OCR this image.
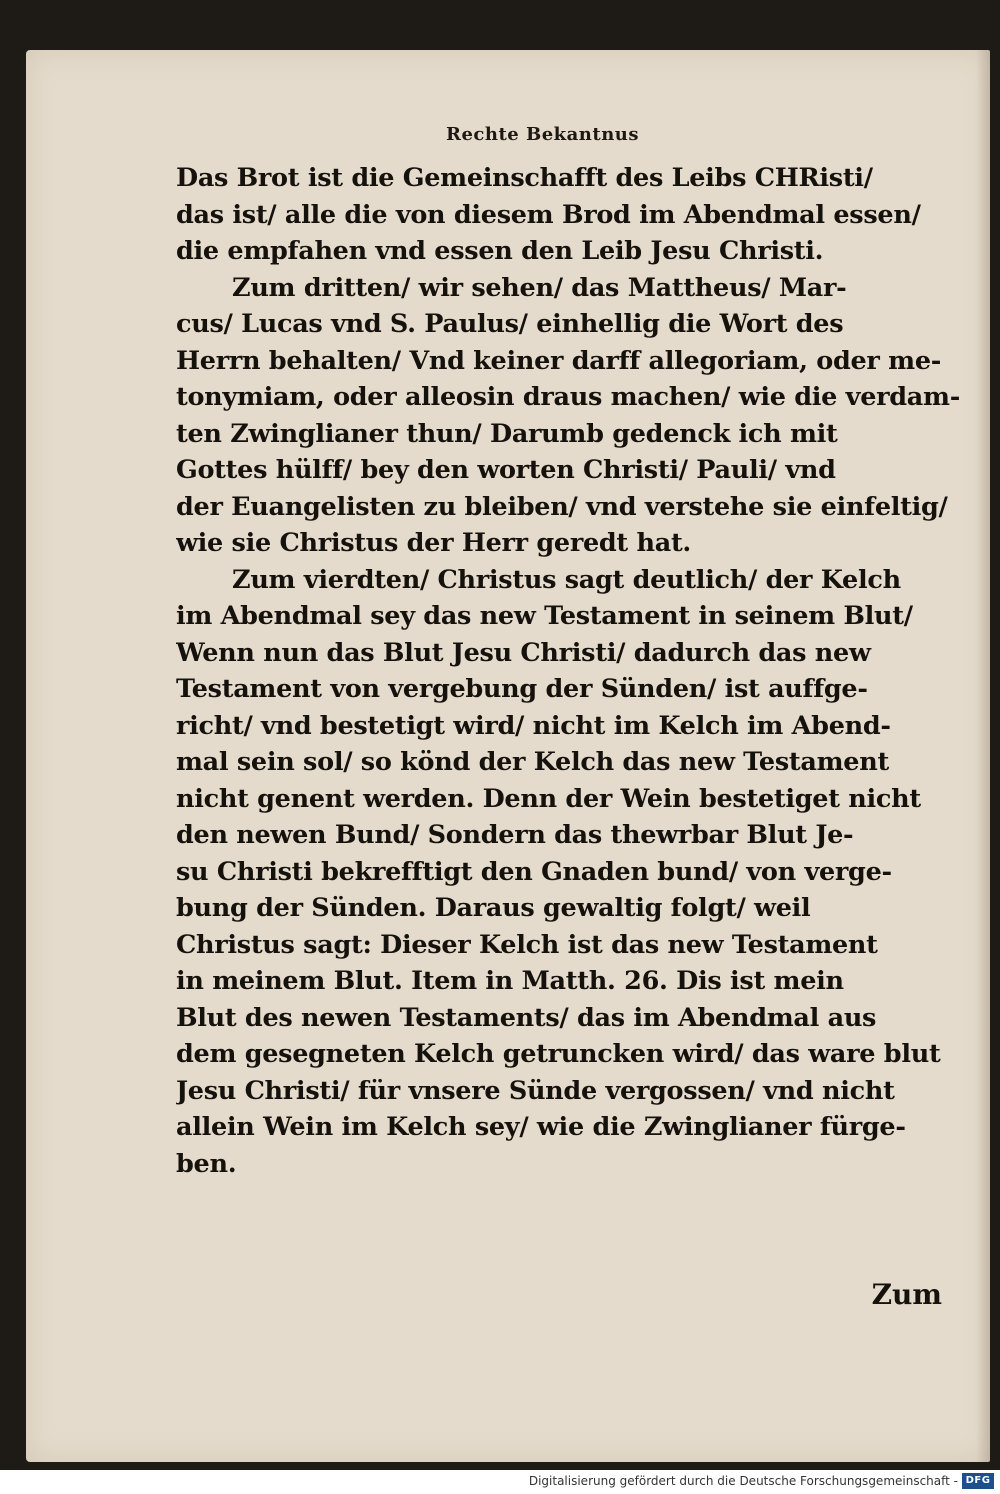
Rechte Bekantnus
Das Brot ist die Gemeinschafft des Leibs CHRisti/
das ist/ alle die von diesem Brod im Abendmal essen/
die empfahen vnd essen den Leib Jesu Christi.
Zum dritten/ wir sehen/ das Mattheus/ Mar-
cus/ Lucas vnd S. Paulus/ einhellig die Wort des
Herrn behalten/ Vnd keiner darff allegoriam, oder me-
tonymiam, oder alleosin draus machen/ wie die verdam-
ten Zwinglianer thun/ Darumb gedenck ich mit
Gottes hülff/ bey den worten Christi/ Pauli/ vnd
der Euangelisten zu bleiben/ vnd verstehe sie einfeltig/
wie sie Christus der Herr geredt hat.
Zum vierdten/ Christus sagt deutlich/ der Kelch
im Abendmal sey das new Testament in seinem Blut/
Wenn nun das Blut Jesu Christi/ dadurch das new
Testament von vergebung der Sünden/ ist auffge-
richt/ vnd bestetigt wird/ nicht im Kelch im Abend-
mal sein sol/ so könd der Kelch das new Testament
nicht genent werden. Denn der Wein bestetiget nicht
den newen Bund/ Sondern das thewrbar Blut Je-
su Christi bekrefftigt den Gnaden bund/ von verge-
bung der Sünden. Daraus gewaltig folgt/ weil
Christus sagt: Dieser Kelch ist das new Testament
in meinem Blut. Item in Matth. 26. Dis ist mein
Blut des newen Testaments/ das im Abendmal aus
dem gesegneten Kelch getruncken wird/ das ware blut
Jesu Christi/ für vnsere Sünde vergossen/ vnd nicht
allein Wein im Kelch sey/ wie die Zwinglianer fürge-
ben.
Zum
Digitalisierung gefördert durch die Deutsche Forschungsgemeinschaft - DFG
